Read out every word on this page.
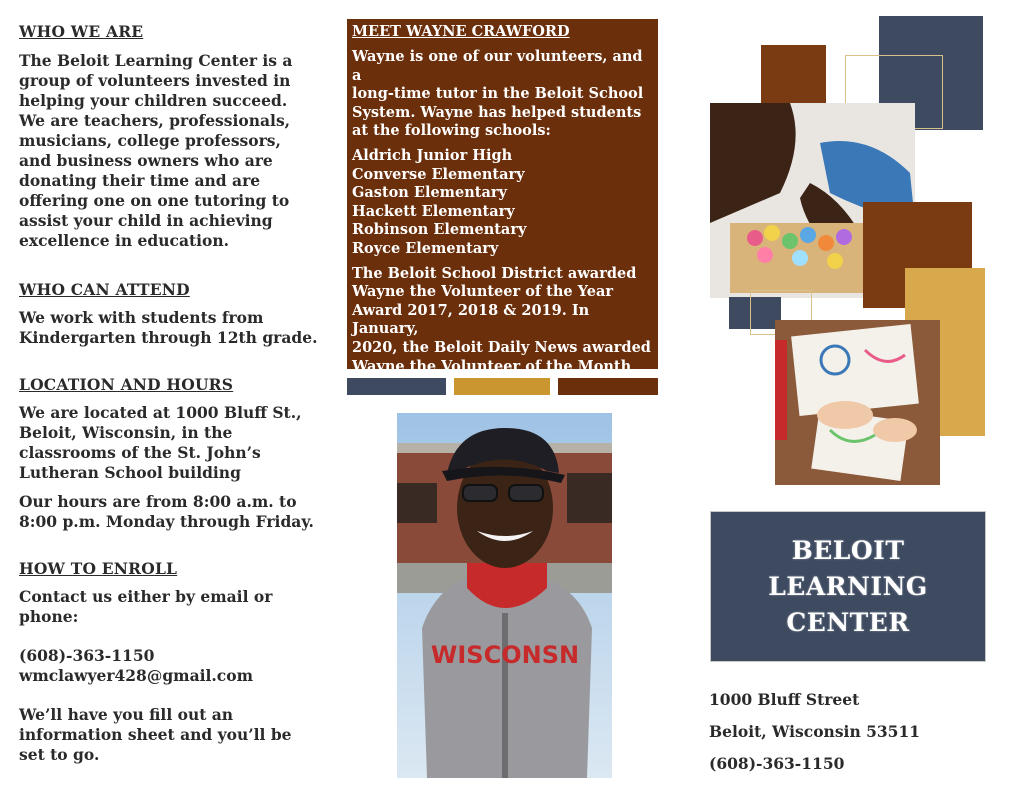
WHO WE ARE

The Beloit Learning Center is a

group of volunteers invested in

helping your children succeed.

We are teachers, professionals,

musicians, college professors,

and business owners who are

donating their time and are

offering one on one tutoring to

assist your child in achieving

excellence in education.

WHO CAN ATTEND

We work with students from

Kindergarten through 12th grade.

LOCATION AND HOURS

We are located at 1000 Bluff St.,

Beloit, Wisconsin, in the

classrooms of the St. John’s

Lutheran School building

Our hours are from 8:00 a.m. to

8:00 p.m. Monday through Friday.

HOW TO ENROLL

Contact us either by email or

phone:

(608)-363-1150

wmclawyer428@gmail.com

We’ll have you fill out an

information sheet and you’ll be

set to go.

MEET WAYNE CRAWFORD

Wayne is one of our volunteers, and a

long-time tutor in the Beloit School

System. Wayne has helped students

at the following schools:

Aldrich Junior High

Converse Elementary

Gaston Elementary

Hackett Elementary

Robinson Elementary

Royce Elementary

The Beloit School District awarded

Wayne the Volunteer of the Year

Award 2017, 2018 & 2019. In January,

2020, the Beloit Daily News awarded

Wayne the Volunteer of the Month

WISCONSN
BELOIT
LEARNING
CENTER

1000 Bluff Street

Beloit, Wisconsin 53511

(608)-363-1150
